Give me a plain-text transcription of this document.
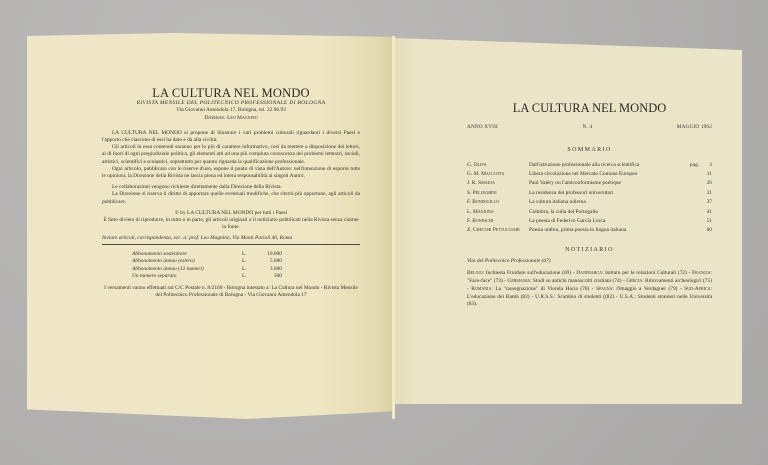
LA CULTURA NEL MONDO
RIVISTA MENSILE DEL POLITECNICO PROFESSIONALE DI BOLOGNA
Via Giovanni Amendola 17, Bologna, tel. 22.96.93
Direttore: Leo Magnino

LA CULTURA NEL MONDO si propone di illustrare i vari problemi culturali riguardanti i diversi Paesi e l'apporto che ciascuno di essi ha dato e dà alla civiltà.

Gli articoli in essa contenuti saranno per lo più di carattere informativo, così da mettere a disposizione dei lettori, al di fuori di ogni pregiudiziale politica, gli elementi atti ad una più compiuta conoscenza dei problemi letterari, sociali, artistici, scientifici e scolastici, soprattutto per quanto riguarda la qualificazione professionale.

Ogni articolo, pubblicato con le riserve d'uso, espone il punto di vista dell'Autore: nell'intenzione di esporre tutte le opinioni, la Direzione della Rivista ne lascia piena ed intera responsabilità ai singoli Autori.

Le collaborazioni vengono richieste direttamente dalla Direzione della Rivista.

La Direzione si riserva il diritto di apportare quelle eventuali modifiche, che riterrà più opportune, agli articoli da pubblicare.

© by LA CULTURA NEL MONDO per tutti i Paesi

È fatto divieto di riprodurre, in tutto o in parte, gli articoli originali o il notiziario pubblicati nella Rivista senza citarne la fonte.

Inviare articoli, corrispondenza, ecc. a: prof. Leo Magnino, Via Monti Parioli 40, Roma

Abbonamento sostenitore	L.	10.000
Abbonamento annuo (estero)	L.	5.000
Abbonamento annuo (12 numeri)	L.	3.000
Un numero separato	L.	300

I versamenti vanno effettuati sul C/C Postale n. 8/2160 - Bologna intestato a: La Cultura nel Mondo - Rivista Mensile del Politecnico Professionale di Bologna - Via Giovanni Amendola 17

LA CULTURA NEL MONDO
ANNO XVIII	N. 4	MAGGIO 1962
SOMMARIO
G. Oliva	Dall'istruzione professionale alla ricerca scientifica	pag.	3
G. M. Maccotta	Libera circolazione nel Mercato Comune Europeo	11
J. R. Smadja	Paul Valéry ou l'anticonformisme poétique	26
S. Pellegrini	La residenza dei professori universitari	31
F. Bondolillo	La cultura italiana odierna	37
L. Magnino	Coimbra, la culla del Portogallo	41
F. Boneschi	La poesia di Federico García Lorca	51
Z. Checchi Pettucciari	Poesia umbra, prima poesia in lingua italiana	60
NOTIZIARIO
Vita del Politecnico Professionale (67)

Belgio: Inchiesta Froidure sull'educazione (69) - Danimarca: Istituto per le relazioni Culturali (72) - Francia: "Face-face" (73) - Germania: Studi su antichi manoscritti cristiani (74) - Grecia: Ritrovamenti archeologici (75) - Romania: La "rassegnazione" di Viorela Horia (76) - Spagna: Omaggio a Verdaguer (79) - Sud-Africa: L'educazione dei Bantù (82) - U.R.S.S.: Scambio di studenti ((82) - U.S.A.: Studenti stranieri nelle Università (83).
